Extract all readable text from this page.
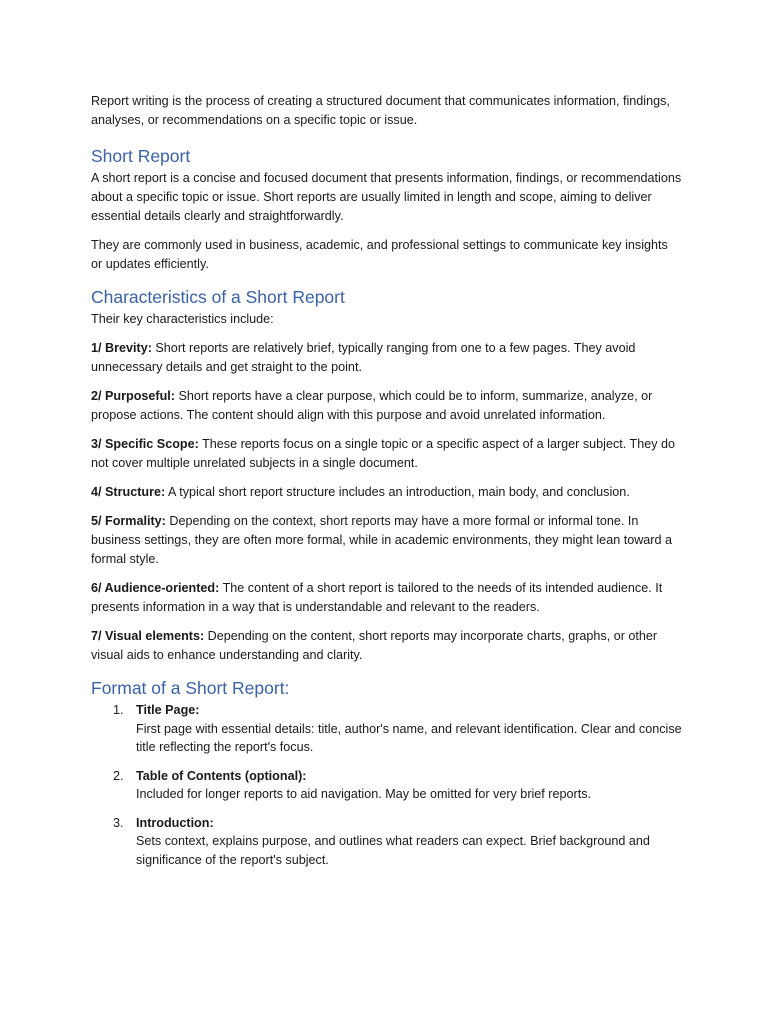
Report writing is the process of creating a structured document that communicates information, findings, analyses, or recommendations on a specific topic or issue.

Short Report

A short report is a concise and focused document that presents information, findings, or recommendations about a specific topic or issue. Short reports are usually limited in length and scope, aiming to deliver essential details clearly and straightforwardly.

They are commonly used in business, academic, and professional settings to communicate key insights or updates efficiently.

Characteristics of a Short Report

Their key characteristics include:

1/ Brevity: Short reports are relatively brief, typically ranging from one to a few pages. They avoid unnecessary details and get straight to the point.

2/ Purposeful: Short reports have a clear purpose, which could be to inform, summarize, analyze, or propose actions. The content should align with this purpose and avoid unrelated information.

3/ Specific Scope: These reports focus on a single topic or a specific aspect of a larger subject. They do not cover multiple unrelated subjects in a single document.

4/ Structure: A typical short report structure includes an introduction, main body, and conclusion.

5/ Formality: Depending on the context, short reports may have a more formal or informal tone. In business settings, they are often more formal, while in academic environments, they might lean toward a formal style.

6/ Audience-oriented: The content of a short report is tailored to the needs of its intended audience. It presents information in a way that is understandable and relevant to the readers.

7/ Visual elements: Depending on the content, short reports may incorporate charts, graphs, or other visual aids to enhance understanding and clarity.

Format of a Short Report:
1. Title Page:
First page with essential details: title, author's name, and relevant identification. Clear and concise title reflecting the report's focus.
2. Table of Contents (optional):
Included for longer reports to aid navigation. May be omitted for very brief reports.
3. Introduction:
Sets context, explains purpose, and outlines what readers can expect. Brief background and significance of the report's subject.
